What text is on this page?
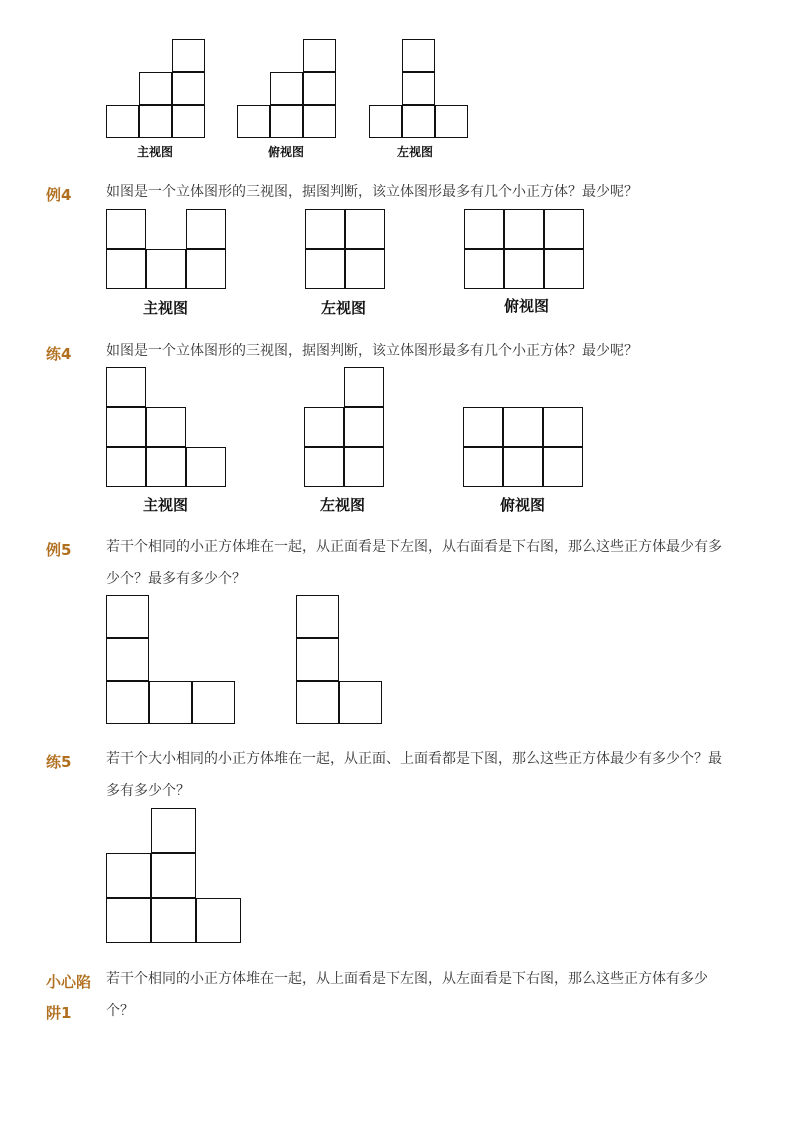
主视图	俯视图	左视图
例4 如图是一个立体图形的三视图，据图判断，该立体图形最多有几个小正方体？最少呢？
主视图	左视图	俯视图
练4 如图是一个立体图形的三视图，据图判断，该立体图形最多有几个小正方体？最少呢？
主视图	左视图	俯视图
例5 若干个相同的小正方体堆在一起，从正面看是下左图，从右面看是下右图，那么这些正方体最少有多少个？最多有多少个？
练5 若干个大小相同的小正方体堆在一起，从正面、上面看都是下图，那么这些正方体最少有多少个？最多有多少个？
小心陷
阱1
若干个相同的小正方体堆在一起，从上面看是下左图，从左面看是下右图，那么这些正方体有多少个？
